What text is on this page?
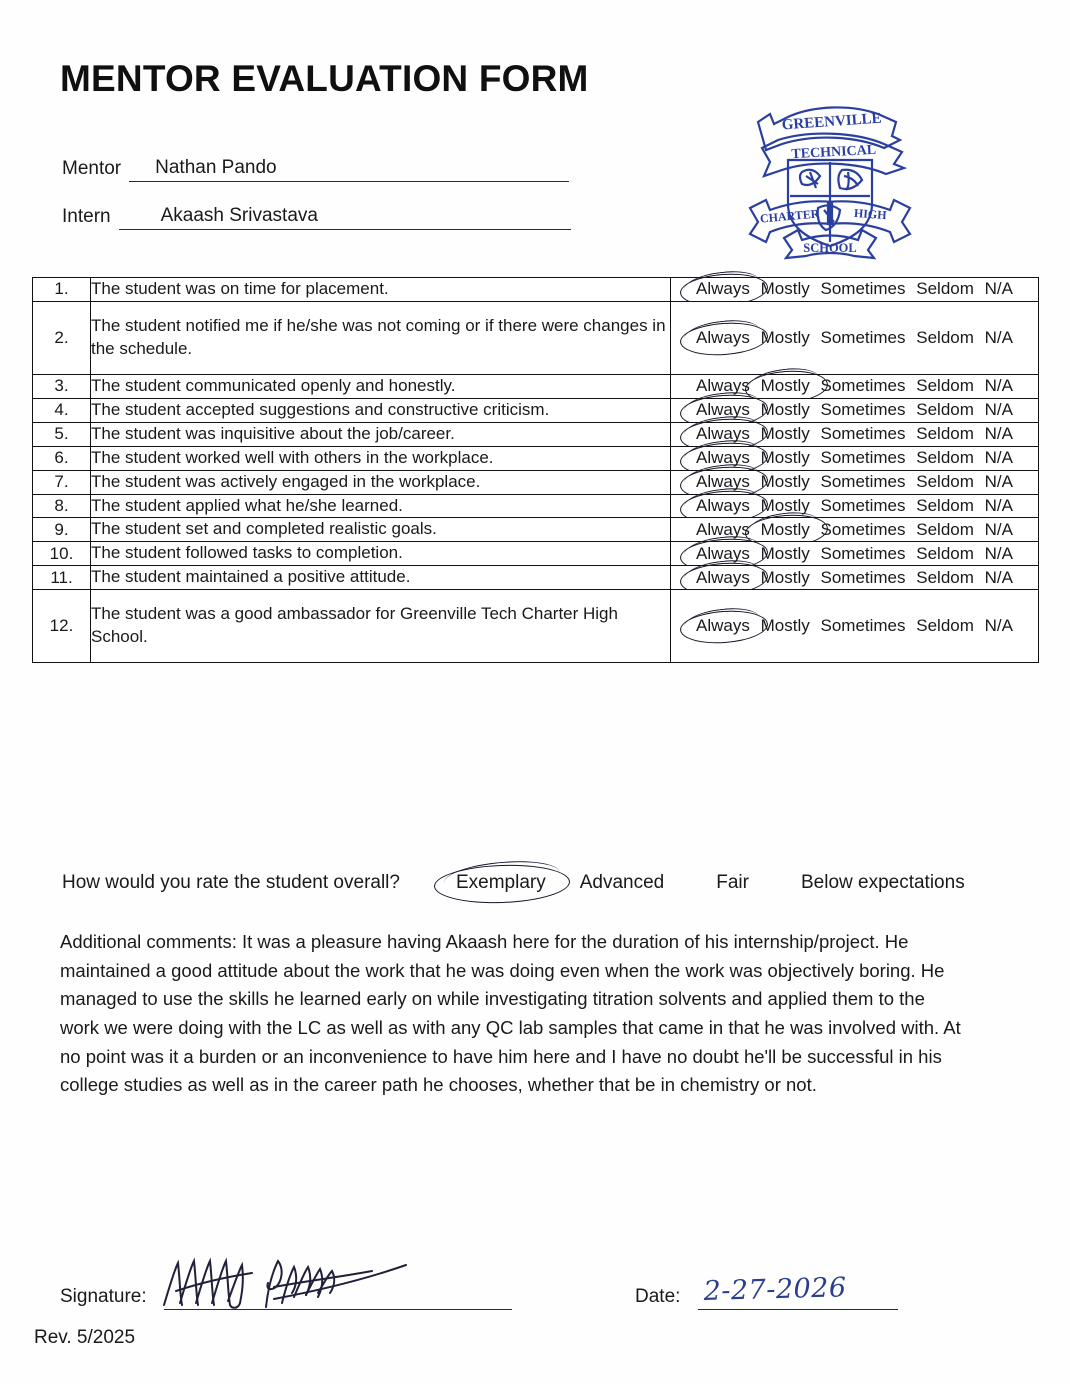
MENTOR EVALUATION FORM
Mentor	Nathan Pando
Intern	Akaash Srivastava
GREENVILLE
TECHNICAL
CHARTER	HIGH
SCHOOL
1.	The student was on time for placement.	Always Mostly Sometimes Seldom N/A
2.	The student notified me if he/she was not coming or if there were changes in the schedule.	Always Mostly Sometimes Seldom N/A
3.	The student communicated openly and honestly.	Always Mostly Sometimes Seldom N/A
4.	The student accepted suggestions and constructive criticism.	Always Mostly Sometimes Seldom N/A
5.	The student was inquisitive about the job/career.	Always Mostly Sometimes Seldom N/A
6.	The student worked well with others in the workplace.	Always Mostly Sometimes Seldom N/A
7.	The student was actively engaged in the workplace.	Always Mostly Sometimes Seldom N/A
8.	The student applied what he/she learned.	Always Mostly Sometimes Seldom N/A
9.	The student set and completed realistic goals.	Always Mostly Sometimes Seldom N/A
10.	The student followed tasks to completion.	Always Mostly Sometimes Seldom N/A
11.	The student maintained a positive attitude.	Always Mostly Sometimes Seldom N/A
12.	The student was a good ambassador for Greenville Tech Charter High School.	Always Mostly Sometimes Seldom N/A
How would you rate the student overall?	Exemplary Advanced	Fair	Below expectations
Additional comments: It was a pleasure having Akaash here for the duration of his internship/project. He maintained a good attitude about the work that he was doing even when the work was objectively boring. He managed to use the skills he learned early on while investigating titration solvents and applied them to the work we were doing with the LC as well as with any QC lab samples that came in that he was involved with. At no point was it a burden or an inconvenience to have him here and I have no doubt he'll be successful in his college studies as well as in the career path he chooses, whether that be in chemistry or not.
Signature:	Date: 2-27-2026
Rev. 5/2025
